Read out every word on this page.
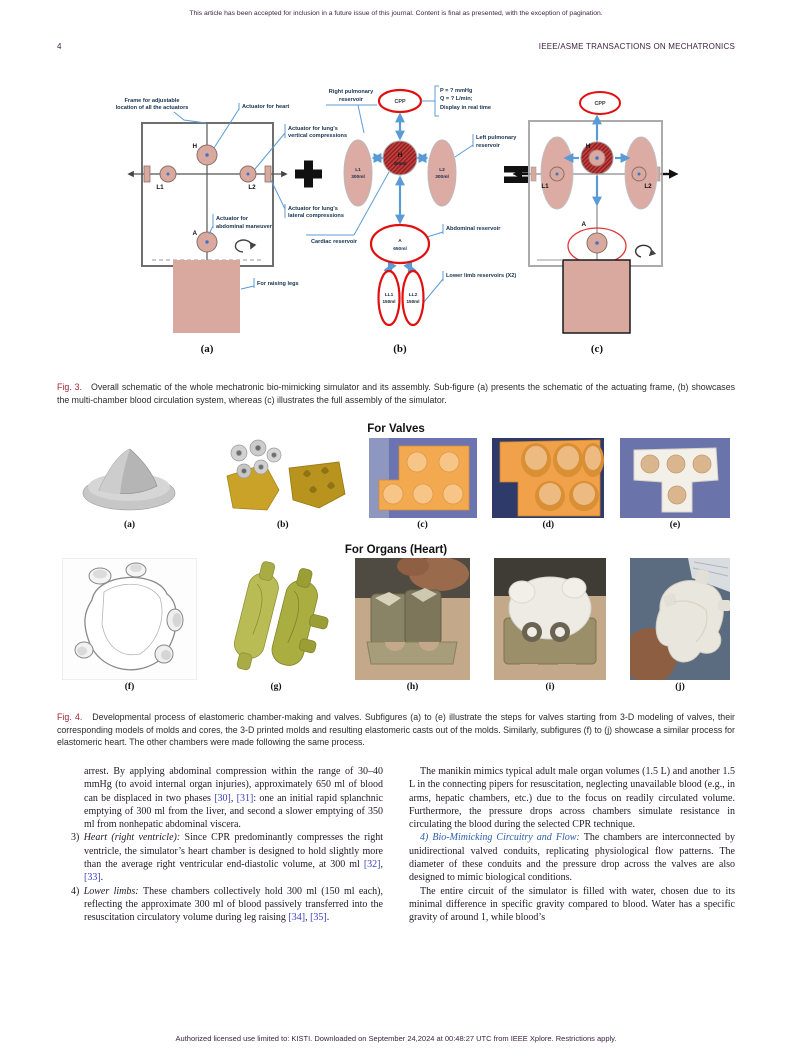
This article has been accepted for inclusion in a future issue of this journal. Content is final as presented, with the exception of pagination.
4	IEEE/ASME TRANSACTIONS ON MECHATRONICS
H
L1	L2
A
Frame for adjustable
location of all the actuators	Actuator for heart
Actuator for lung's
vertical compressions
Actuator for lung's
lateral compressions
Actuator for
abdominal maneuver
For raising legs
(a)
CPP
P = ? mmHg
Q = ? L/min;
Display in real time
Right pulmonary
reservoir
Left pulmonary
reservoir
H
300ml
L1
300ml
L2
300ml
A
650ml
LL1
150ml
LL2
150ml
Cardiac reservoir
Abdominal reservoir
Lower limb reservoirs (X2)
(b)
CPP
H
L1	L2
A
(c)

Fig. 3. Overall schematic of the whole mechatronic bio-mimicking simulator and its assembly. Sub-figure (a) presents the schematic of the actuating frame, (b) showcases the multi-chamber blood circulation system, whereas (c) illustrates the full assembly of the simulator.

For Valves

(a)	(b)	(c)	(d)	(e)

For Organs (Heart)

(f)	(g)	(h)	(i)	(j)

Fig. 4. Developmental process of elastomeric chamber-making and valves. Subfigures (a) to (e) illustrate the steps for valves starting from 3-D modeling of valves, their corresponding models of molds and cores, the 3-D printed molds and resulting elastomeric casts out of the molds. Similarly, subfigures (f) to (j) showcase a similar process for elastomeric heart. The other chambers were made following the same process.

arrest. By applying abdominal compression within the range of 30–40 mmHg (to avoid internal organ injuries), approximately 650 ml of blood can be displaced in two phases [30], [31]: one an initial rapid splanchnic emptying of 300 ml from the liver, and second a slower emptying of 350 ml from nonhepatic abdominal viscera.

3) Heart (right ventricle): Since CPR predominantly compresses the right ventricle, the simulator’s heart chamber is designed to hold slightly more than the average right ventricular end-diastolic volume, at 300 ml [32], [33].

4) Lower limbs: These chambers collectively hold 300 ml (150 ml each), reflecting the approximate 300 ml of blood passively transferred into the resuscitation circulatory volume during leg raising [34], [35].

The manikin mimics typical adult male organ volumes (1.5 L) and another 1.5 L in the connecting pipers for resuscitation, neglecting unavailable blood (e.g., in arms, hepatic chambers, etc.) due to the focus on readily circulated volume. Furthermore, the pressure drops across chambers simulate resistance in circulating the blood during the selected CPR technique.

4) Bio-Mimicking Circuitry and Flow: The chambers are interconnected by unidirectional valved conduits, replicating physiological flow patterns. The diameter of these conduits and the pressure drop across the valves are also designed to mimic biological conditions.

The entire circuit of the simulator is filled with water, chosen due to its minimal difference in specific gravity compared to blood. Water has a specific gravity of around 1, while blood’s

Authorized licensed use limited to: KISTI. Downloaded on September 24,2024 at 00:48:27 UTC from IEEE Xplore. Restrictions apply.
